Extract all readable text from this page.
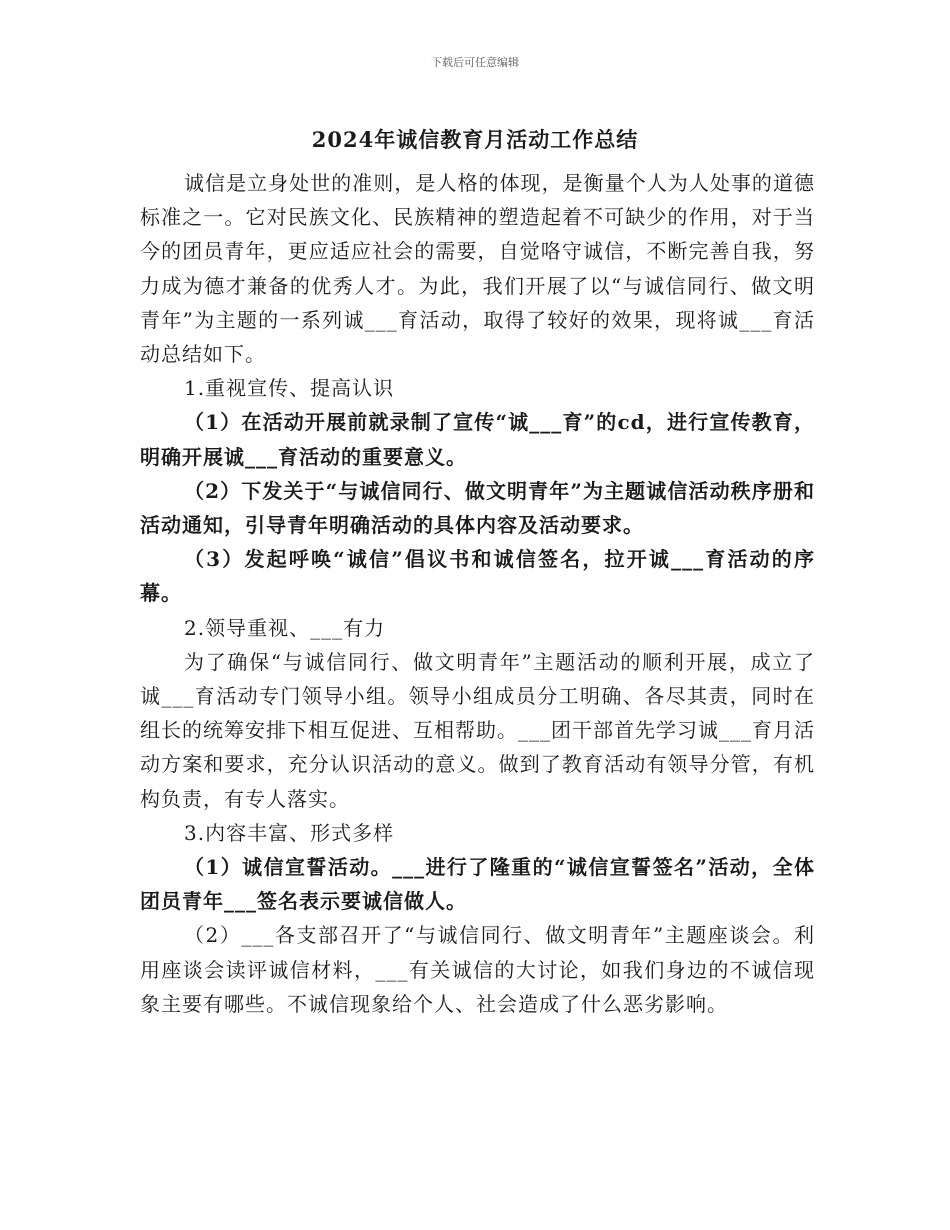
下载后可任意编辑
2024年诚信教育月活动工作总结

诚信是立身处世的准则，是人格的体现，是衡量个人为人处事的道德标准之一。它对民族文化、民族精神的塑造起着不可缺少的作用，对于当今的团员青年，更应适应社会的需要，自觉咯守诚信，不断完善自我，努力成为德才兼备的优秀人才。为此，我们开展了以“与诚信同行、做文明青年”为主题的一系列诚___育活动，取得了较好的效果，现将诚___育活动总结如下。

1.重视宣传、提高认识

（1）在活动开展前就录制了宣传“诚___育”的cd，进行宣传教育，明确开展诚___育活动的重要意义。

（2）下发关于“与诚信同行、做文明青年”为主题诚信活动秩序册和活动通知，引导青年明确活动的具体内容及活动要求。

（3）发起呼唤“诚信”倡议书和诚信签名，拉开诚___育活动的序幕。

2.领导重视、___有力

为了确保“与诚信同行、做文明青年”主题活动的顺利开展，成立了诚___育活动专门领导小组。领导小组成员分工明确、各尽其责，同时在组长的统筹安排下相互促进、互相帮助。___团干部首先学习诚___育月活动方案和要求，充分认识活动的意义。做到了教育活动有领导分管，有机构负责，有专人落实。

3.内容丰富、形式多样

（1）诚信宣誓活动。___进行了隆重的“诚信宣誓签名”活动，全体团员青年___签名表示要诚信做人。

（2）___各支部召开了“与诚信同行、做文明青年”主题座谈会。利用座谈会读评诚信材料，___有关诚信的大讨论，如我们身边的不诚信现象主要有哪些。不诚信现象给个人、社会造成了什么恶劣影响。
